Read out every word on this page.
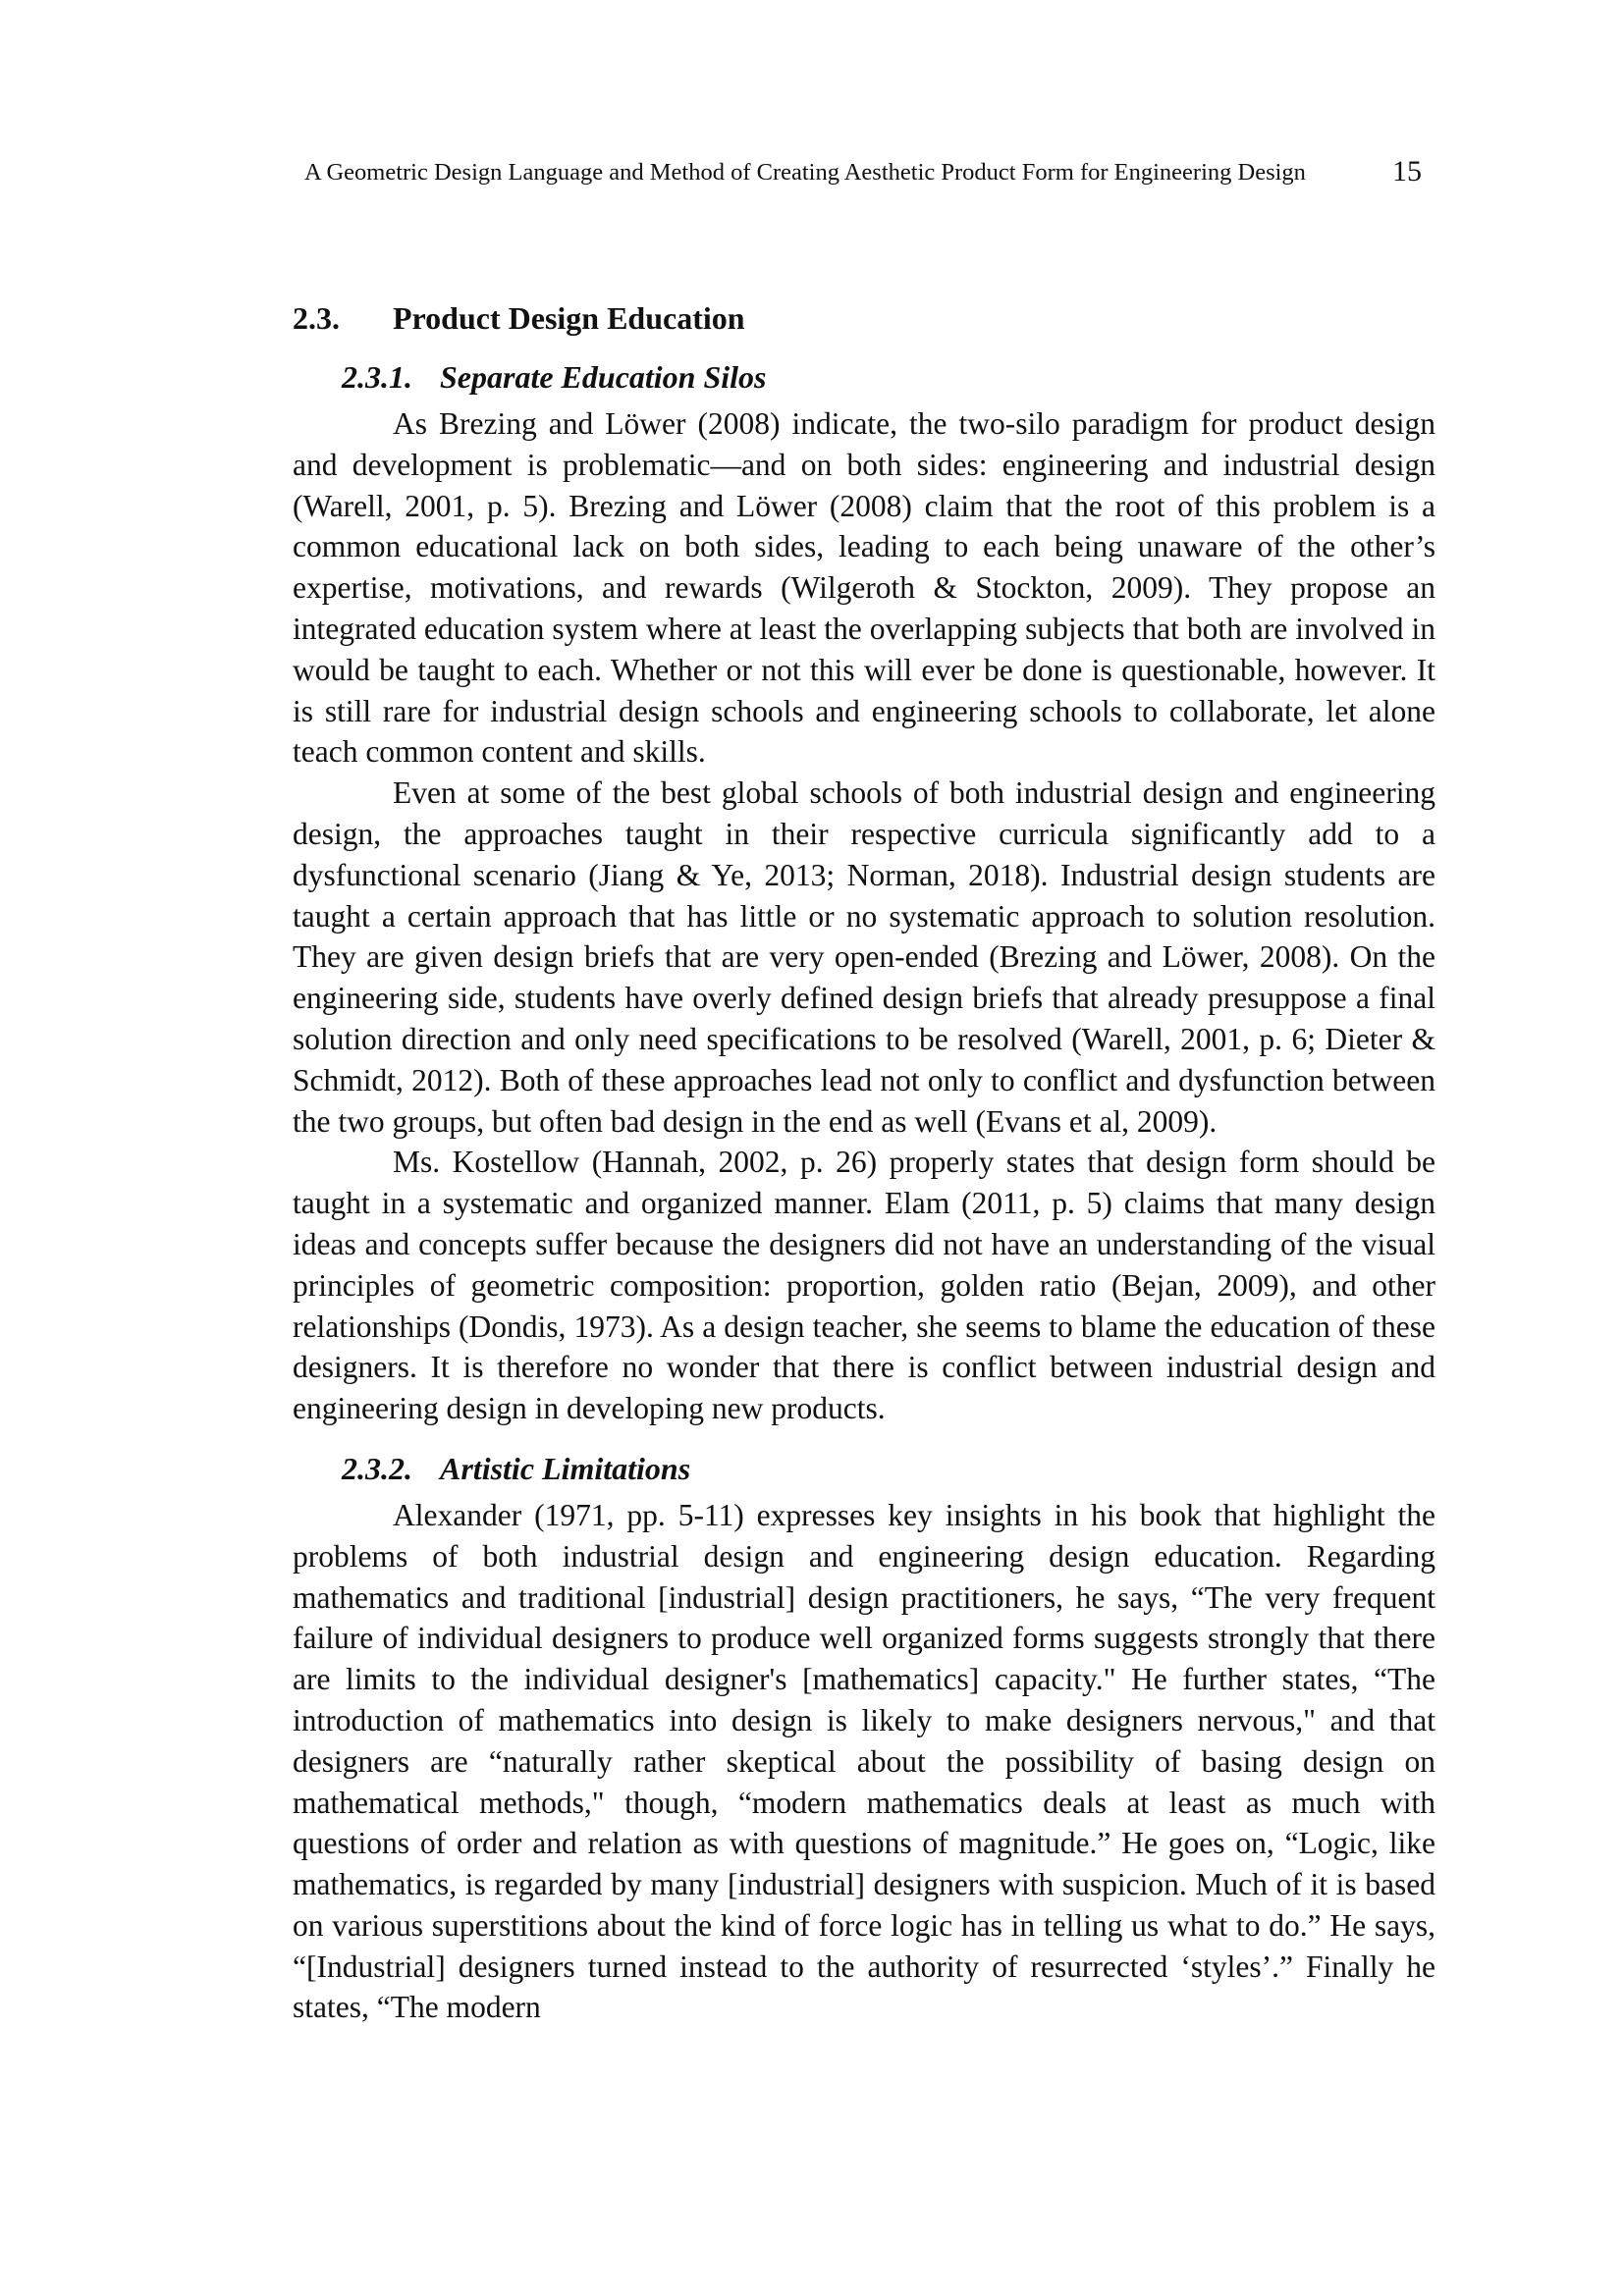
A Geometric Design Language and Method of Creating Aesthetic Product Form for Engineering Design	15
2.3.	Product Design Education
2.3.1. Separate Education Silos

As Brezing and Löwer (2008) indicate, the two-silo paradigm for product design and development is problematic—and on both sides: engineering and industrial design (Warell, 2001, p. 5). Brezing and Löwer (2008) claim that the root of this problem is a common educational lack on both sides, leading to each being unaware of the other’s expertise, motivations, and rewards (Wilgeroth & Stockton, 2009). They propose an integrated education system where at least the overlapping subjects that both are involved in would be taught to each. Whether or not this will ever be done is questionable, however. It is still rare for industrial design schools and engineering schools to collaborate, let alone teach common content and skills.

Even at some of the best global schools of both industrial design and engineering design, the approaches taught in their respective curricula significantly add to a dysfunctional scenario (Jiang & Ye, 2013; Norman, 2018). Industrial design students are taught a certain approach that has little or no systematic approach to solution resolution. They are given design briefs that are very open-ended (Brezing and Löwer, 2008). On the engineering side, students have overly defined design briefs that already presuppose a final solution direction and only need specifications to be resolved (Warell, 2001, p. 6; Dieter & Schmidt, 2012). Both of these approaches lead not only to conflict and dysfunction between the two groups, but often bad design in the end as well (Evans et al, 2009).

Ms. Kostellow (Hannah, 2002, p. 26) properly states that design form should be taught in a systematic and organized manner. Elam (2011, p. 5) claims that many design ideas and concepts suffer because the designers did not have an understanding of the visual principles of geometric composition: proportion, golden ratio (Bejan, 2009), and other relationships (Dondis, 1973). As a design teacher, she seems to blame the education of these designers. It is therefore no wonder that there is conflict between industrial design and engineering design in developing new products.

2.3.2. Artistic Limitations

Alexander (1971, pp. 5-11) expresses key insights in his book that highlight the problems of both industrial design and engineering design education. Regarding mathematics and traditional [industrial] design practitioners, he says, “The very frequent failure of individual designers to produce well organized forms suggests strongly that there are limits to the individual designer's [mathematics] capacity." He further states, “The introduction of mathematics into design is likely to make designers nervous," and that designers are “naturally rather skeptical about the possibility of basing design on mathematical methods," though, “modern mathematics deals at least as much with questions of order and relation as with questions of magnitude.” He goes on, “Logic, like mathematics, is regarded by many [industrial] designers with suspicion. Much of it is based on various superstitions about the kind of force logic has in telling us what to do.” He says, “[Industrial] designers turned instead to the authority of resurrected ‘styles’.” Finally he states, “The modern
